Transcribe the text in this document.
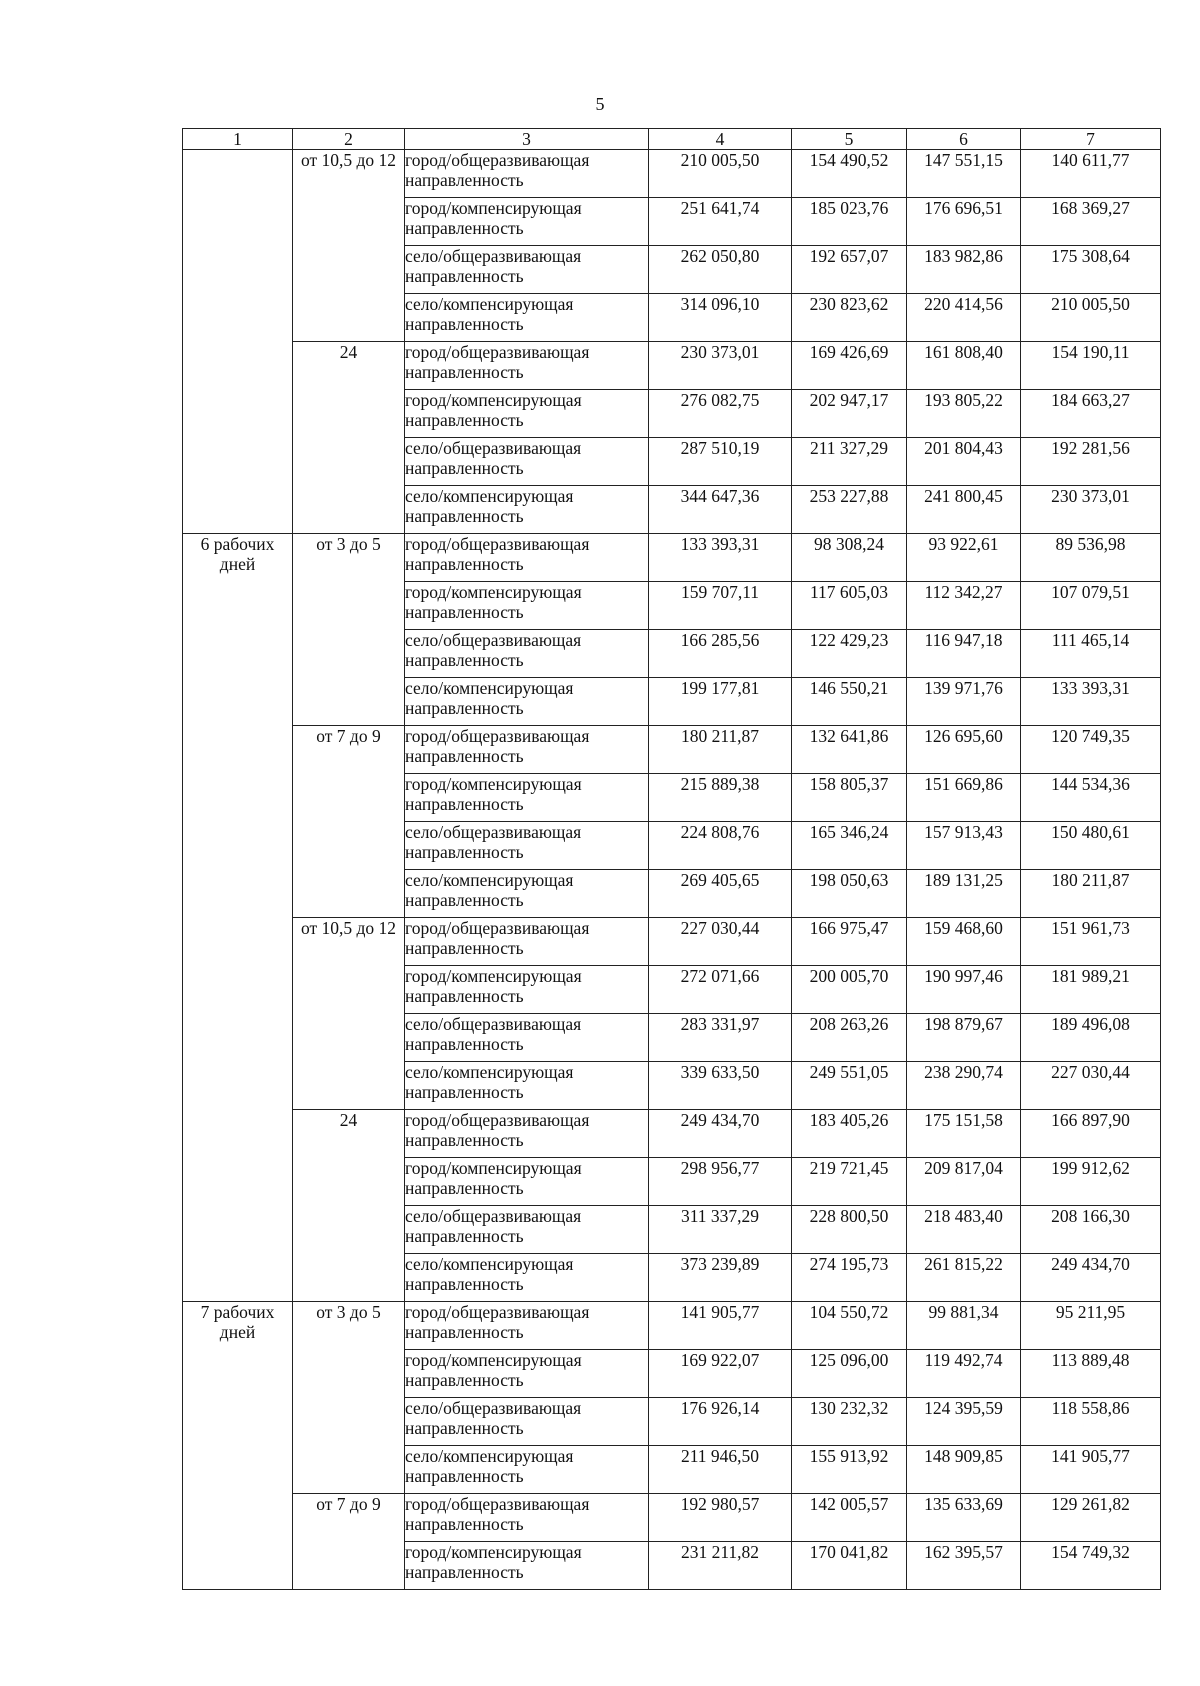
5
1	2	3	4	5	6	7
	от 10,5 до 12	город/общеразвивающая направленность	210 005,50	154 490,52	147 551,15	140 611,77
		город/компенсирующая направленность	251 641,74	185 023,76	176 696,51	168 369,27
		село/общеразвивающая направленность	262 050,80	192 657,07	183 982,86	175 308,64
		село/компенсирующая направленность	314 096,10	230 823,62	220 414,56	210 005,50
	24	город/общеразвивающая направленность	230 373,01	169 426,69	161 808,40	154 190,11
		город/компенсирующая направленность	276 082,75	202 947,17	193 805,22	184 663,27
		село/общеразвивающая направленность	287 510,19	211 327,29	201 804,43	192 281,56
		село/компенсирующая направленность	344 647,36	253 227,88	241 800,45	230 373,01
6 рабочих дней	от 3 до 5	город/общеразвивающая направленность	133 393,31	98 308,24	93 922,61	89 536,98
		город/компенсирующая направленность	159 707,11	117 605,03	112 342,27	107 079,51
		село/общеразвивающая направленность	166 285,56	122 429,23	116 947,18	111 465,14
		село/компенсирующая направленность	199 177,81	146 550,21	139 971,76	133 393,31
	от 7 до 9	город/общеразвивающая направленность	180 211,87	132 641,86	126 695,60	120 749,35
		город/компенсирующая направленность	215 889,38	158 805,37	151 669,86	144 534,36
		село/общеразвивающая направленность	224 808,76	165 346,24	157 913,43	150 480,61
		село/компенсирующая направленность	269 405,65	198 050,63	189 131,25	180 211,87
	от 10,5 до 12	город/общеразвивающая направленность	227 030,44	166 975,47	159 468,60	151 961,73
		город/компенсирующая направленность	272 071,66	200 005,70	190 997,46	181 989,21
		село/общеразвивающая направленность	283 331,97	208 263,26	198 879,67	189 496,08
		село/компенсирующая направленность	339 633,50	249 551,05	238 290,74	227 030,44
	24	город/общеразвивающая направленность	249 434,70	183 405,26	175 151,58	166 897,90
		город/компенсирующая направленность	298 956,77	219 721,45	209 817,04	199 912,62
		село/общеразвивающая направленность	311 337,29	228 800,50	218 483,40	208 166,30
		село/компенсирующая направленность	373 239,89	274 195,73	261 815,22	249 434,70
7 рабочих дней	от 3 до 5	город/общеразвивающая направленность	141 905,77	104 550,72	99 881,34	95 211,95
		город/компенсирующая направленность	169 922,07	125 096,00	119 492,74	113 889,48
		село/общеразвивающая направленность	176 926,14	130 232,32	124 395,59	118 558,86
		село/компенсирующая направленность	211 946,50	155 913,92	148 909,85	141 905,77
	от 7 до 9	город/общеразвивающая направленность	192 980,57	142 005,57	135 633,69	129 261,82
		город/компенсирующая направленность	231 211,82	170 041,82	162 395,57	154 749,32
